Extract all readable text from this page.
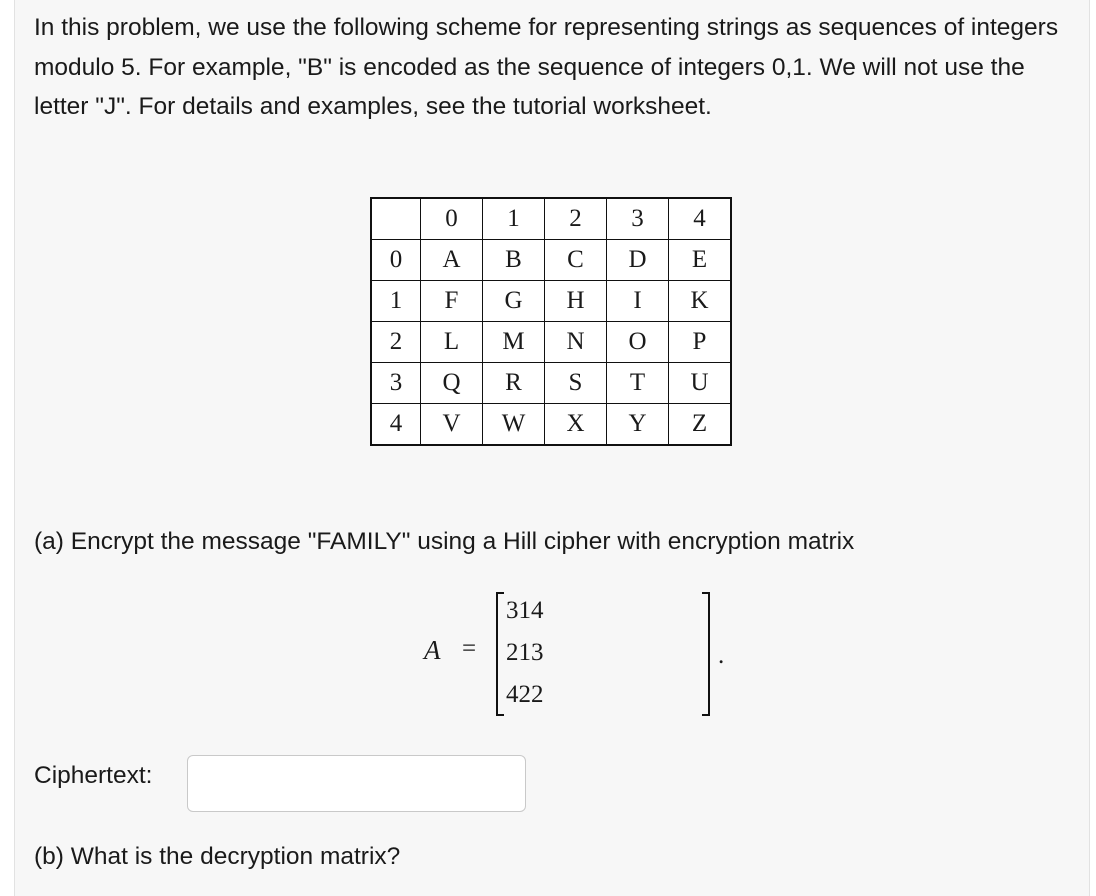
In this problem, we use the following scheme for representing strings as sequences of integers modulo 5. For example, "B" is encoded as the sequence of integers 0,1. We will not use the letter "J". For details and examples, see the tutorial worksheet.

	0	1	2	3	4
0	A	B	C	D	E
1	F	G	H	I	K
2	L	M	N	O	P
3	Q	R	S	T	U
4	V	W	X	Y	Z

(a) Encrypt the message "FAMILY" using a Hill cipher with encryption matrix

A =
3	1	4
2	1	3
4	2	2
.
Ciphertext:

(b) What is the decryption matrix?
